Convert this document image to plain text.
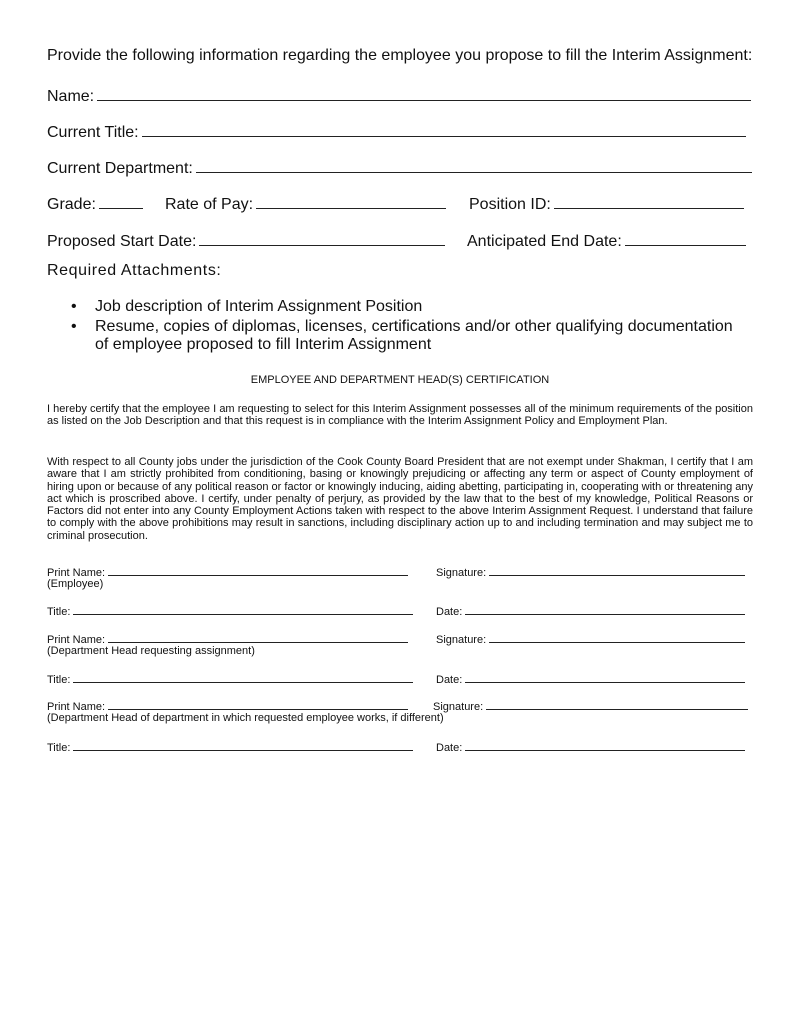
Provide the following information regarding the employee you propose to fill the Interim Assignment:
Name:
Current Title:
Current Department:
Grade:	Rate of Pay:	Position ID:
Proposed Start Date:	Anticipated End Date:
Required Attachments:
• Job description of Interim Assignment Position
• Resume, copies of diplomas, licenses, certifications and/or other qualifying documentation of employee proposed to fill Interim Assignment
EMPLOYEE AND DEPARTMENT HEAD(S) CERTIFICATION

I hereby certify that the employee I am requesting to select for this Interim Assignment possesses all of the minimum requirements of the position as listed on the Job Description and that this request is in compliance with the Interim Assignment Policy and Employment Plan.

With respect to all County jobs under the jurisdiction of the Cook County Board President that are not exempt under Shakman, I certify that I am aware that I am strictly prohibited from conditioning, basing or knowingly prejudicing or affecting any term or aspect of County employment of hiring upon or because of any political reason or factor or knowingly inducing, aiding abetting, participating in, cooperating with or threatening any act which is proscribed above. I certify, under penalty of perjury, as provided by the law that to the best of my knowledge, Political Reasons or Factors did not enter into any County Employment Actions taken with respect to the above Interim Assignment Request. I understand that failure to comply with the above prohibitions may result in sanctions, including disciplinary action up to and including termination and may subject me to criminal prosecution.

Print Name:	Signature:
(Employee)
Title:	Date:
Print Name:	Signature:
(Department Head requesting assignment)
Title:	Date:
Print Name:	Signature:
(Department Head of department in which requested employee works, if different)
Title:	Date:
